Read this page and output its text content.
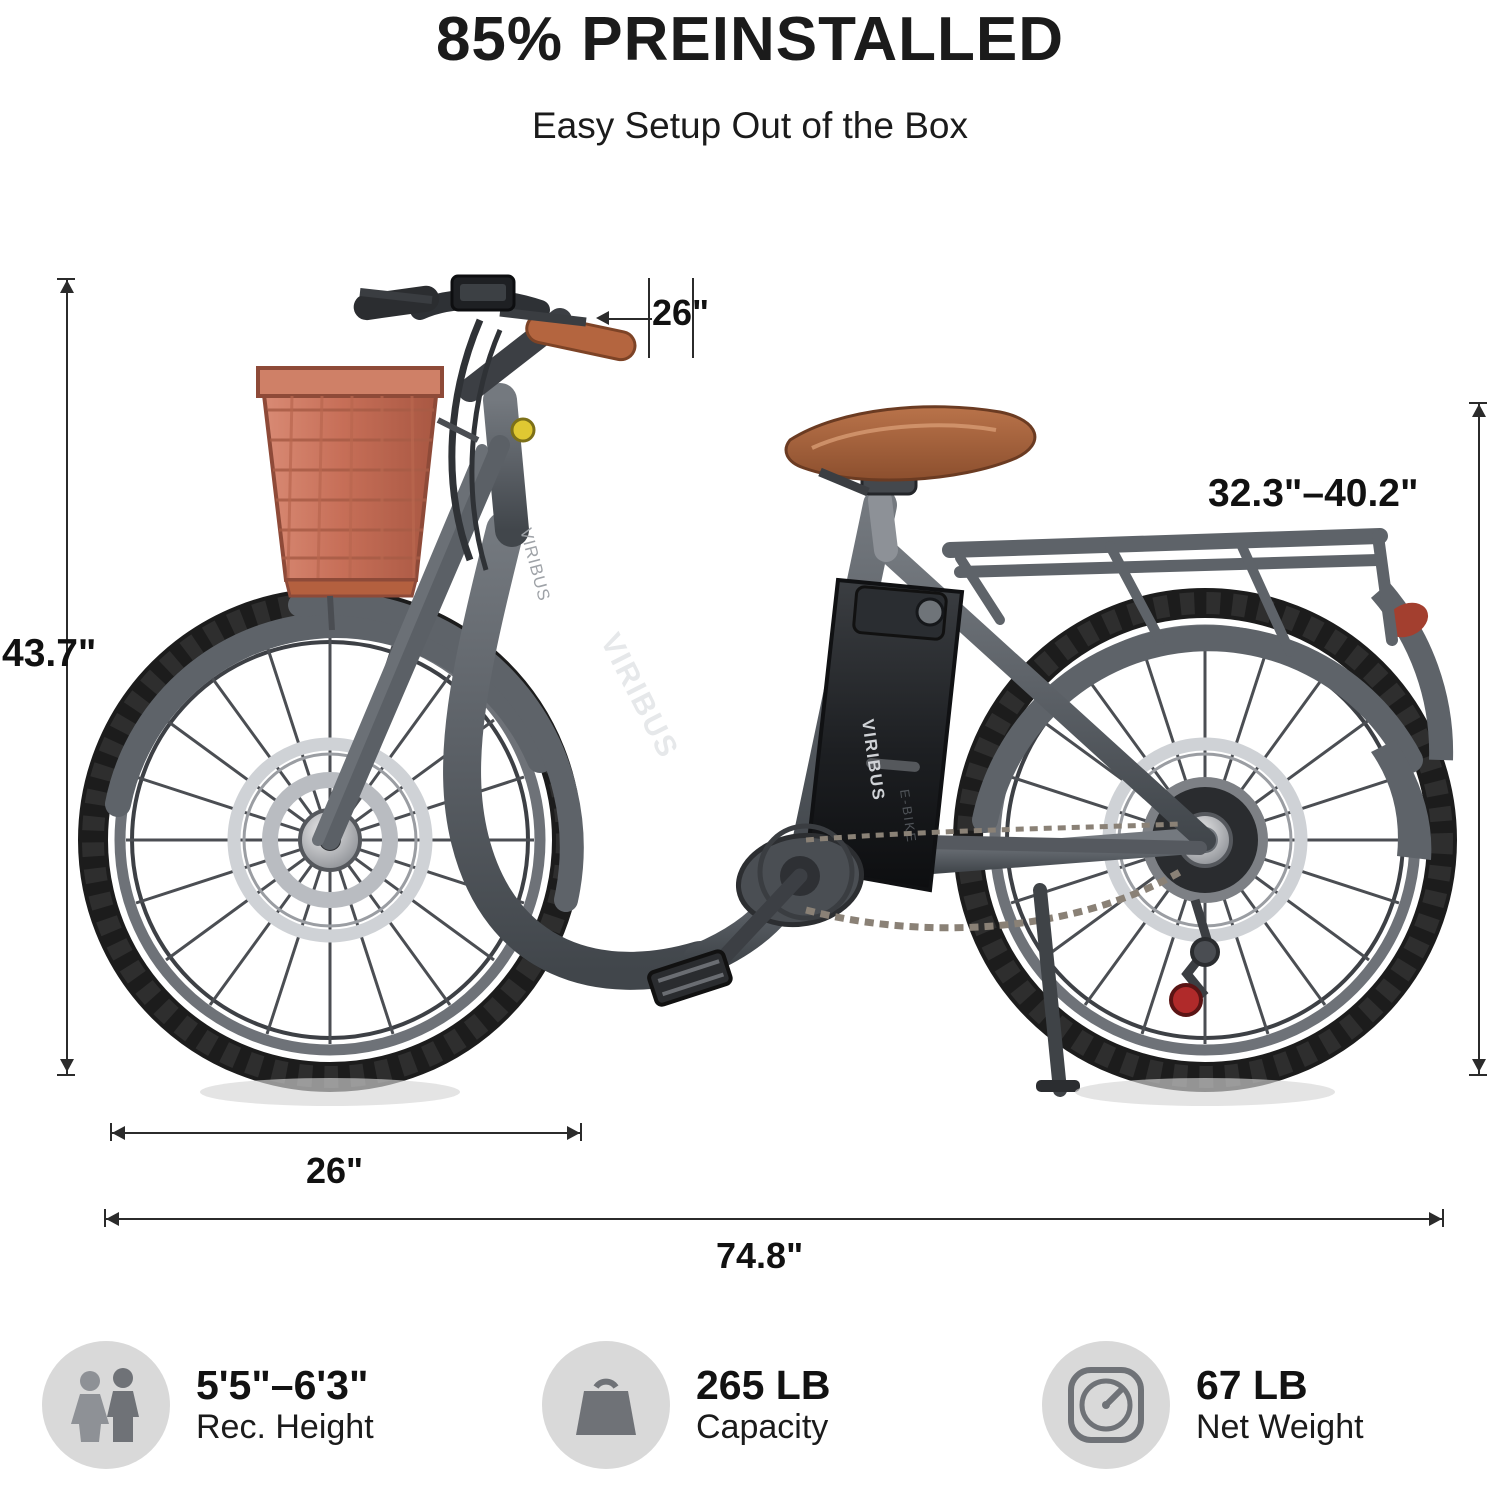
85% PREINSTALLED
Easy Setup Out of the Box
VIRIBUS
VIRIBUS
VIRIBUS
E-BIKE
26"
32.3"–40.2"
43.7"
26"
74.8"
5'5"–6'3"
Rec. Height
265 LB
Capacity
67 LB
Net Weight
